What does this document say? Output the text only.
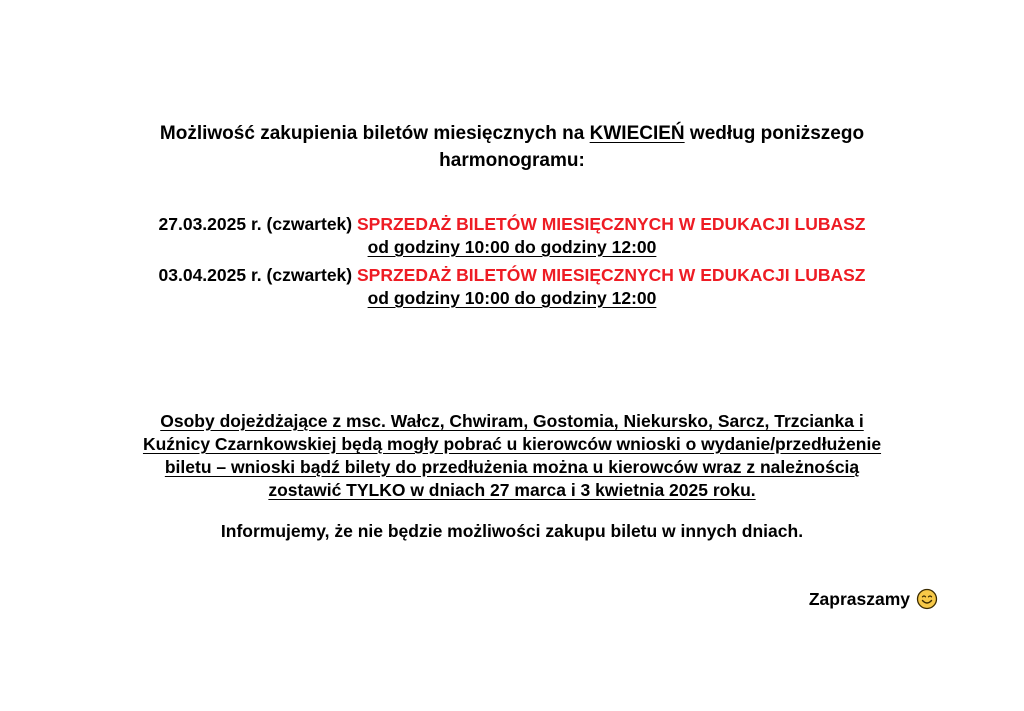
Możliwość zakupienia biletów miesięcznych na KWIECIEŃ według poniższego
harmonogramu:
27.03.2025 r. (czwartek) SPRZEDAŻ BILETÓW MIESIĘCZNYCH W EDUKACJI LUBASZ
od godziny 10:00 do godziny 12:00
03.04.2025 r. (czwartek) SPRZEDAŻ BILETÓW MIESIĘCZNYCH W EDUKACJI LUBASZ
od godziny 10:00 do godziny 12:00
Osoby dojeżdżające z msc. Wałcz, Chwiram, Gostomia, Niekursko, Sarcz, Trzcianka i
Kuźnicy Czarnkowskiej będą mogły pobrać u kierowców wnioski o wydanie/przedłużenie
biletu – wnioski bądź bilety do przedłużenia można u kierowców wraz z należnością
zostawić TYLKO w dniach 27 marca i 3 kwietnia 2025 roku.
Informujemy, że nie będzie możliwości zakupu biletu w innych dniach.
Zapraszamy
